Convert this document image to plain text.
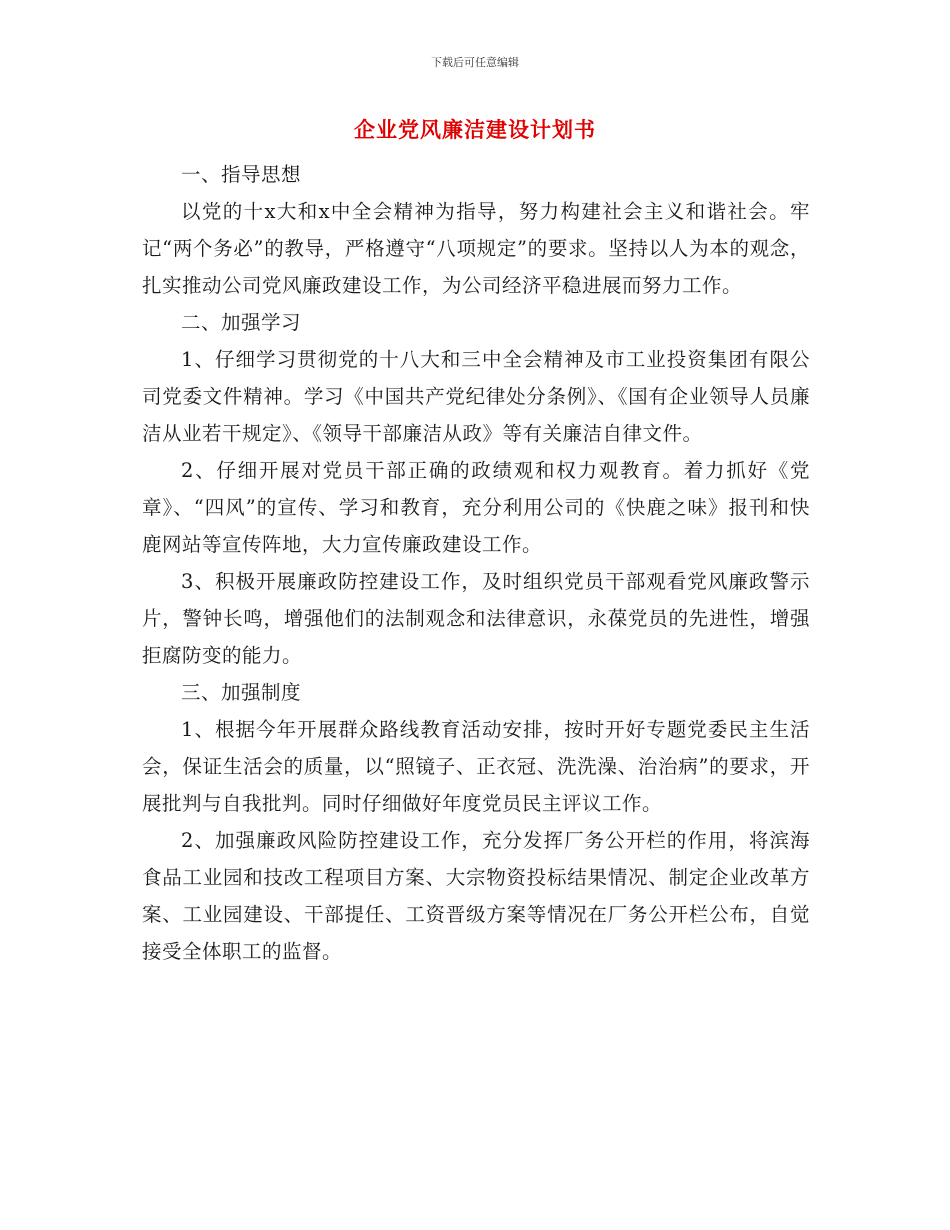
下载后可任意编辑
企业党风廉洁建设计划书

一、指导思想

以党的十x大和x中全会精神为指导，努力构建社会主义和谐社会。牢记“两个务必”的教导，严格遵守“八项规定”的要求。坚持以人为本的观念，扎实推动公司党风廉政建设工作，为公司经济平稳进展而努力工作。

二、加强学习

1、仔细学习贯彻党的十八大和三中全会精神及市工业投资集团有限公司党委文件精神。学习《中国共产党纪律处分条例》、《国有企业领导人员廉洁从业若干规定》、《领导干部廉洁从政》等有关廉洁自律文件。

2、仔细开展对党员干部正确的政绩观和权力观教育。着力抓好《党章》、“四风”的宣传、学习和教育，充分利用公司的《快鹿之味》报刊和快鹿网站等宣传阵地，大力宣传廉政建设工作。

3、积极开展廉政防控建设工作，及时组织党员干部观看党风廉政警示片，警钟长鸣，增强他们的法制观念和法律意识，永葆党员的先进性，增强拒腐防变的能力。

三、加强制度

1、根据今年开展群众路线教育活动安排，按时开好专题党委民主生活会，保证生活会的质量，以“照镜子、正衣冠、洗洗澡、治治病”的要求，开展批判与自我批判。同时仔细做好年度党员民主评议工作。

2、加强廉政风险防控建设工作，充分发挥厂务公开栏的作用，将滨海食品工业园和技改工程项目方案、大宗物资投标结果情况、制定企业改革方案、工业园建设、干部提任、工资晋级方案等情况在厂务公开栏公布，自觉接受全体职工的监督。
